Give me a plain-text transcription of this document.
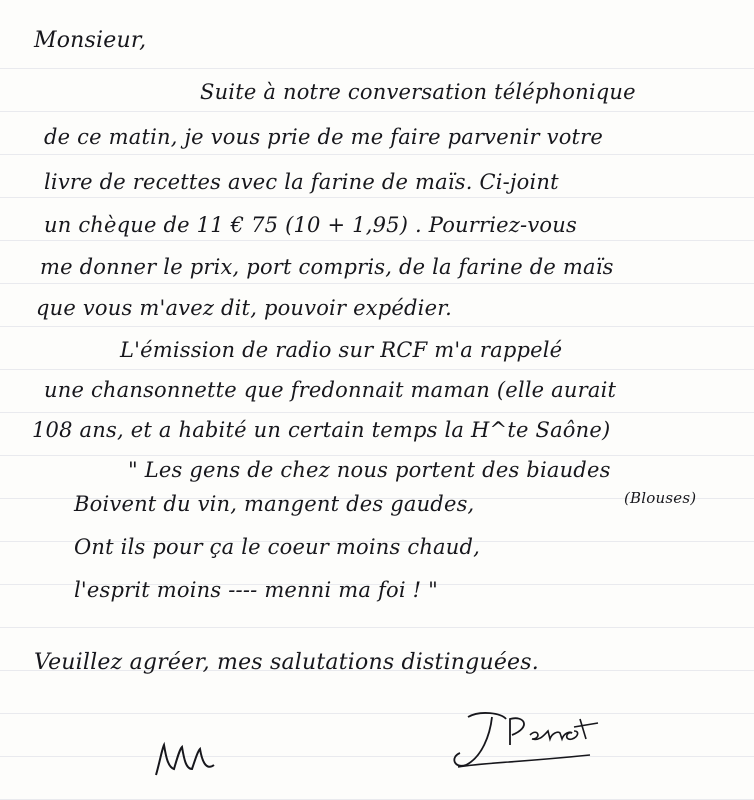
Monsieur,
Suite à notre conversation téléphonique
de ce matin, je vous prie de me faire parvenir votre
livre de recettes avec la farine de maïs. Ci-joint
un chèque de 11 € 75 (10 + 1,95) . Pourriez-vous
me donner le prix, port compris, de la farine de maïs
que vous m'avez dit, pouvoir expédier.
L'émission de radio sur RCF m'a rappelé
une chansonnette que fredonnait maman (elle aurait
108 ans, et a habité un certain temps la H^te Saône)
" Les gens de chez nous portent des biaudes
(Blouses)
Boivent du vin, mangent des gaudes,
Ont ils pour ça le coeur moins chaud,
l'esprit moins ---- menni ma foi ! "
Veuillez agréer, mes salutations distinguées.
